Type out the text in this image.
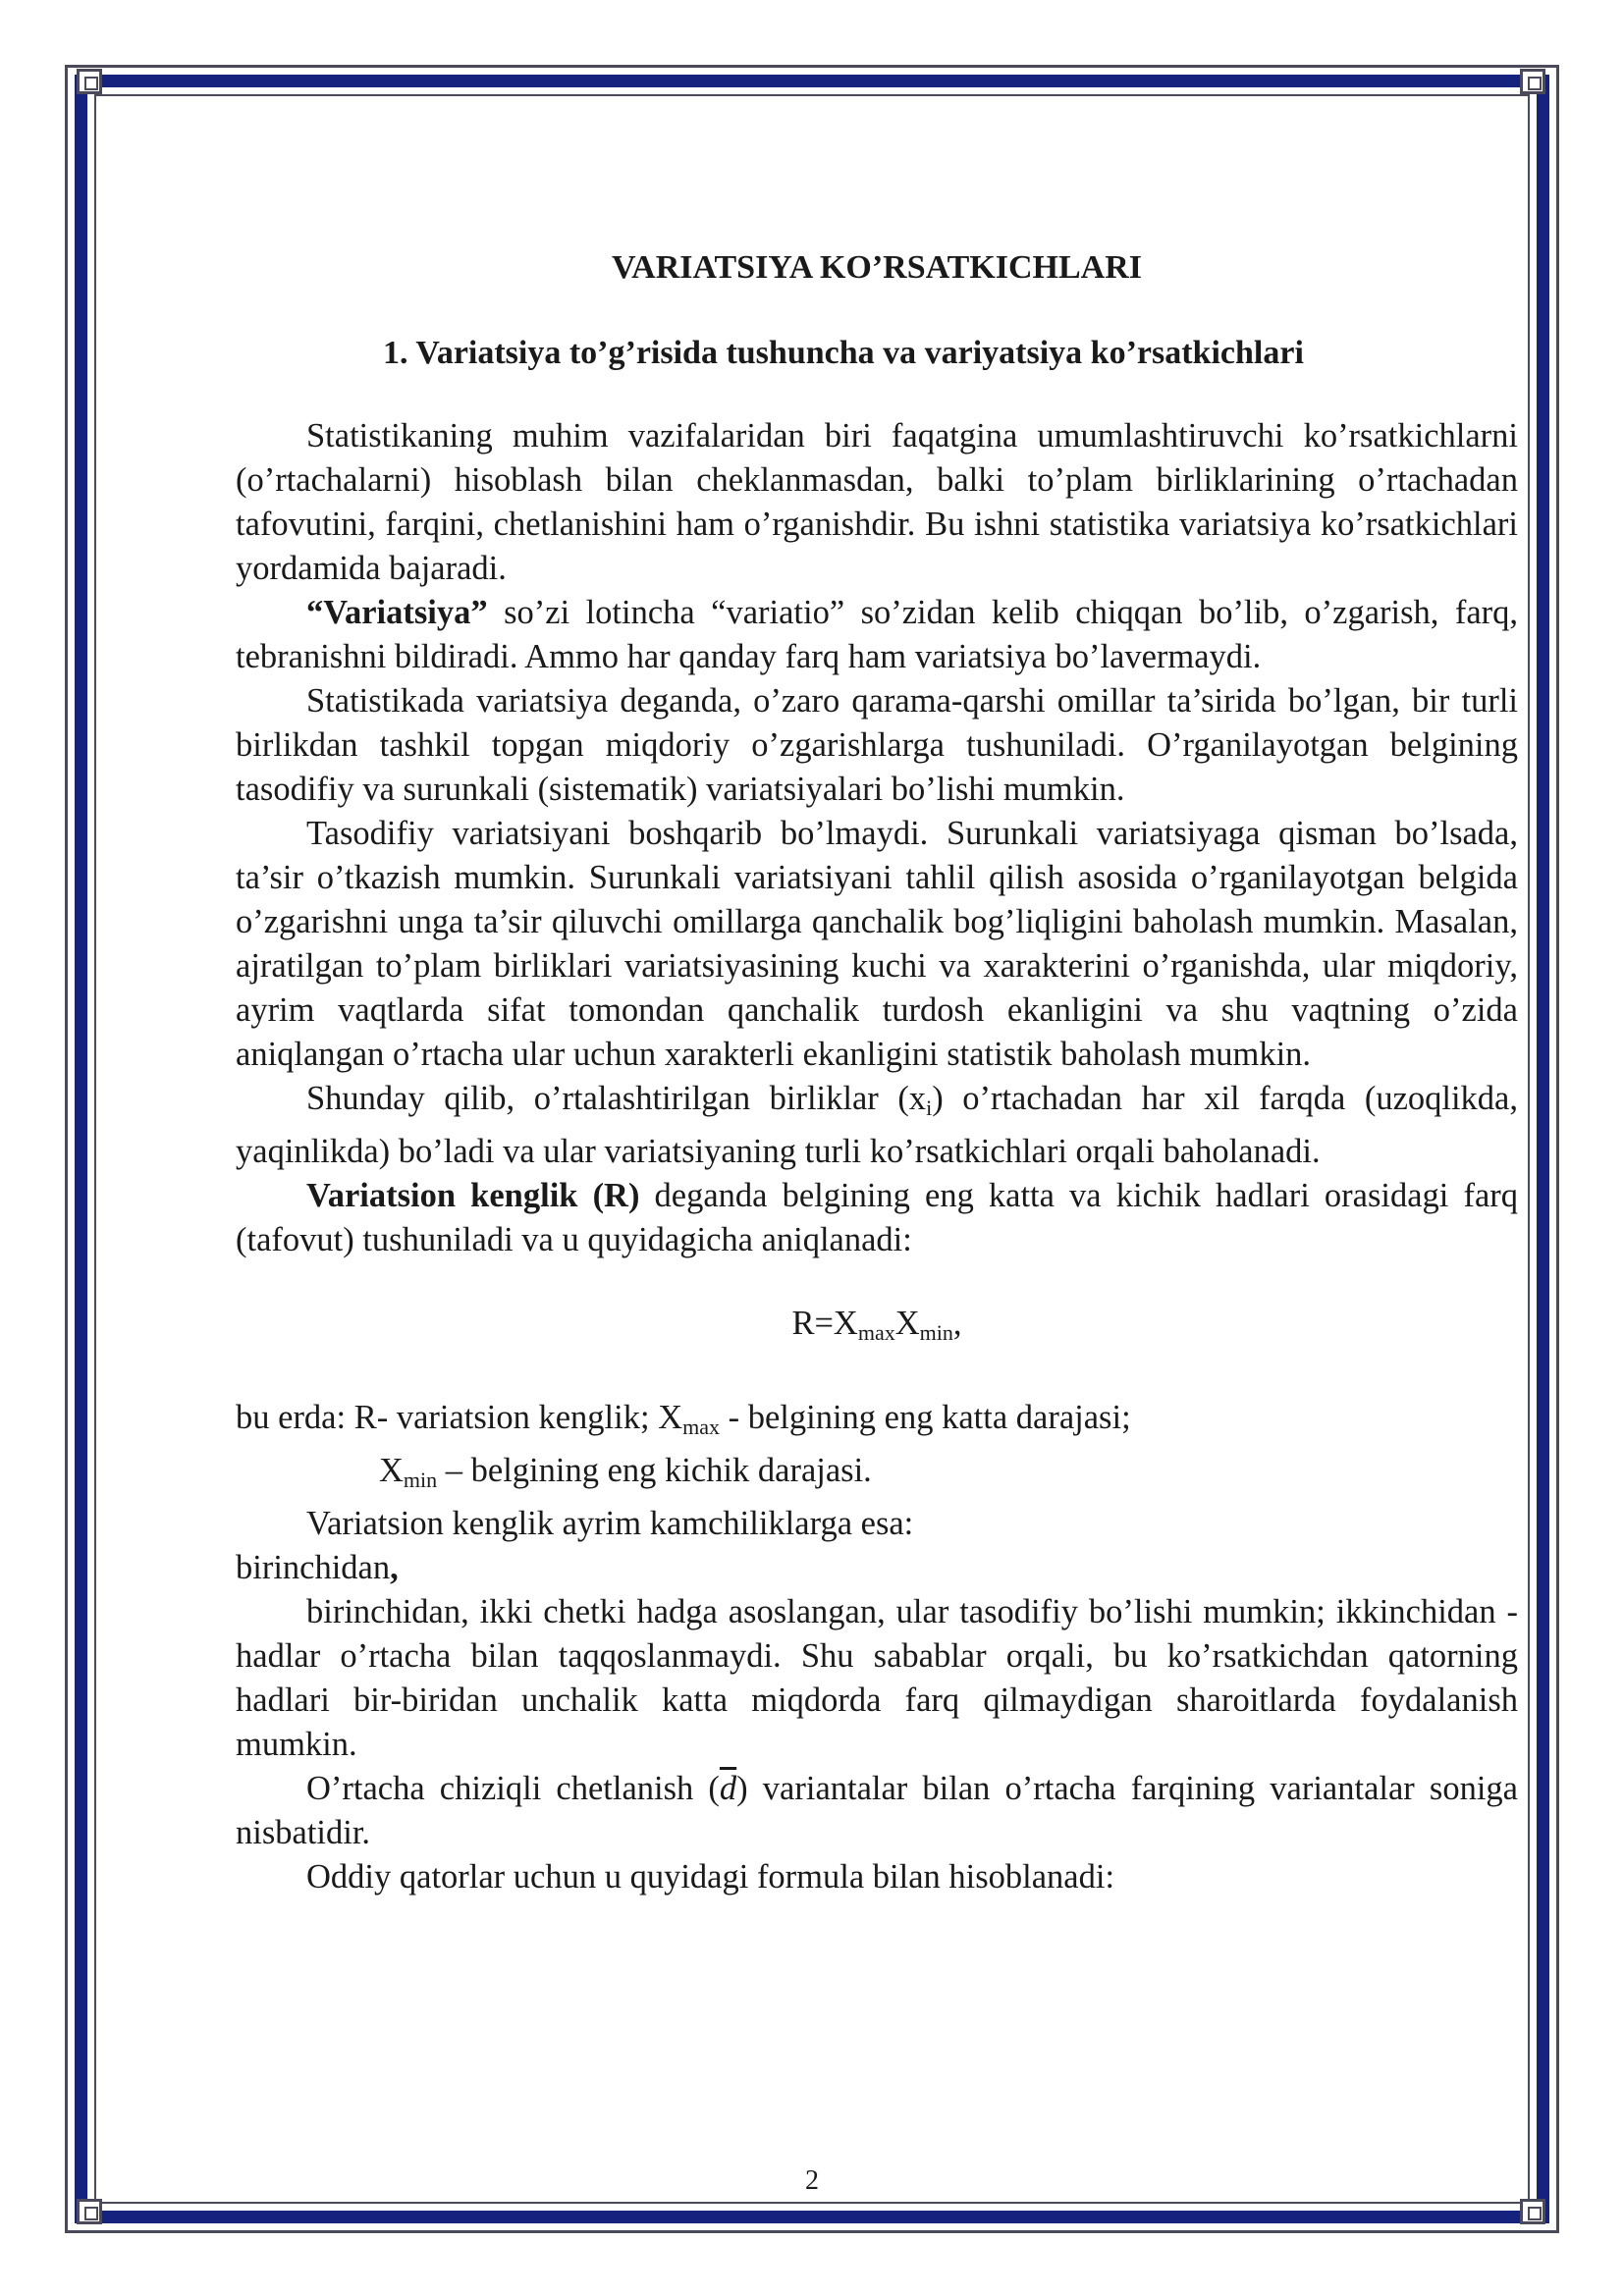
VARIATSIYA KO’RSATKICHLARI
1. Variatsiya to’g’risida tushuncha va variyatsiya ko’rsatkichlari

Statistikaning muhim vazifalaridan biri faqatgina umumlashtiruvchi ko’rsatkichlarni (o’rtachalarni) hisoblash bilan cheklanmasdan, balki to’plam birliklarining o’rtachadan tafovutini, farqini, chetlanishini ham o’rganishdir. Bu ishni statistika variatsiya ko’rsatkichlari yordamida bajaradi.

“Variatsiya” so’zi lotincha “variatio” so’zidan kelib chiqqan bo’lib, o’zgarish, farq, tebranishni bildiradi. Ammo har qanday farq ham variatsiya bo’lavermaydi.

Statistikada variatsiya deganda, o’zaro qarama-qarshi omillar ta’sirida bo’lgan, bir turli birlikdan tashkil topgan miqdoriy o’zgarishlarga tushuniladi. O’rganilayotgan belgining tasodifiy va surunkali (sistematik) variatsiyalari bo’lishi mumkin.

Tasodifiy variatsiyani boshqarib bo’lmaydi. Surunkali variatsiyaga qisman bo’lsada, ta’sir o’tkazish mumkin. Surunkali variatsiyani tahlil qilish asosida o’rganilayotgan belgida o’zgarishni unga ta’sir qiluvchi omillarga qanchalik bog’liqligini baholash mumkin. Masalan, ajratilgan to’plam birliklari variatsiyasining kuchi va xarakterini o’rganishda, ular miqdoriy, ayrim vaqtlarda sifat tomondan qanchalik turdosh ekanligini va shu vaqtning o’zida aniqlangan o’rtacha ular uchun xarakterli ekanligini statistik baholash mumkin.

Shunday qilib, o’rtalashtirilgan birliklar $(x_i)$ o’rtachadan har xil farqda (uzoqlikda, yaqinlikda) bo’ladi va ular variatsiyaning turli ko’rsatkichlari orqali baholanadi.

Variatsion kenglik (R) deganda belgining eng katta va kichik hadlari orasidagi farq (tafovut) tushuniladi va u quyidagicha aniqlanadi:

$R=X_{max}X_{min}$,

bu erda: R- variatsion kenglik; $X_{max}$ - belgining eng katta darajasi;

$X_{min}$ – belgining eng kichik darajasi.

Variatsion kenglik ayrim kamchiliklarga esa:

birinchidan,

birinchidan, ikki chetki hadga asoslangan, ular tasodifiy bo’lishi mumkin; ikkinchidan - hadlar o’rtacha bilan taqqoslanmaydi. Shu sabablar orqali, bu ko’rsatkichdan qatorning hadlari bir-biridan unchalik katta miqdorda farq qilmaydigan sharoitlarda foydalanish mumkin.

O’rtacha chiziqli chetlanish $(\overline{d})$ variantalar bilan o’rtacha farqining variantalar soniga nisbatidir.

Oddiy qatorlar uchun u quyidagi formula bilan hisoblanadi:

2
